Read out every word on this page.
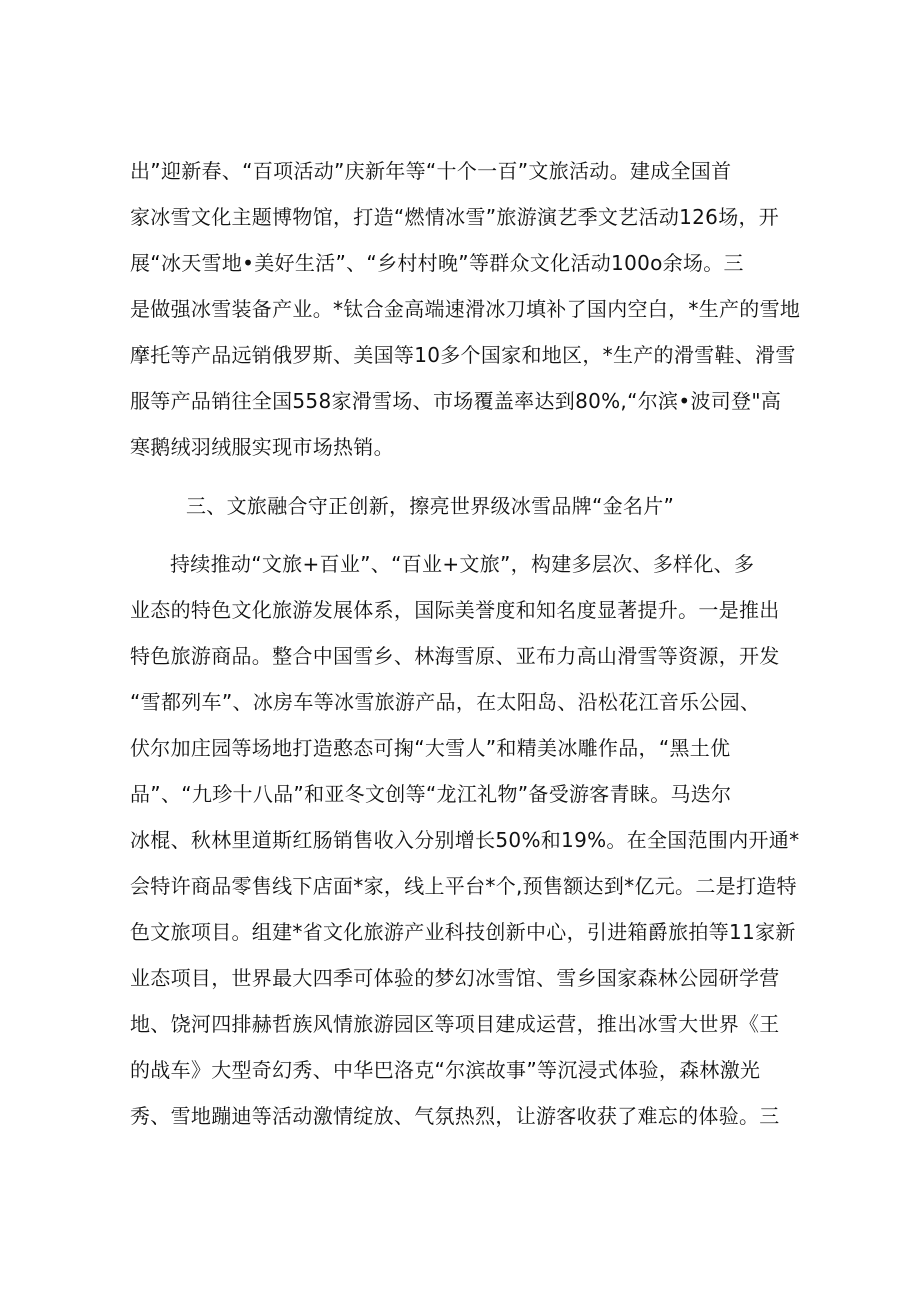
出”迎新春、“百项活动”庆新年等“十个一百”文旅活动。建成全国首
家冰雪文化主题博物馆，打造“燃情冰雪”旅游演艺季文艺活动126场，开
展“冰天雪地•美好生活”、“乡村村晚”等群众文化活动100o余场。三
是做强冰雪装备产业。*钛合金高端速滑冰刀填补了国内空白，*生产的雪地
摩托等产品远销俄罗斯、美国等10多个国家和地区，*生产的滑雪鞋、滑雪
服等产品销往全国558家滑雪场、市场覆盖率达到80%,“尔滨•波司登"高
寒鹅绒羽绒服实现市场热销。
三、文旅融合守正创新，擦亮世界级冰雪品牌“金名片”
持续推动“文旅+百业”、“百业+文旅”，构建多层次、多样化、多
业态的特色文化旅游发展体系，国际美誉度和知名度显著提升。一是推出
特色旅游商品。整合中国雪乡、林海雪原、亚布力高山滑雪等资源，开发
“雪都列车”、冰房车等冰雪旅游产品，在太阳岛、沿松花江音乐公园、
伏尔加庄园等场地打造憨态可掬“大雪人”和精美冰雕作品，“黑土优
品”、“九珍十八品”和亚冬文创等“龙江礼物”备受游客青睐。马迭尔
冰棍、秋林里道斯红肠销售收入分别增长50%和19%。在全国范围内开通*
会特许商品零售线下店面*家，线上平台*个,预售额达到*亿元。二是打造特
色文旅项目。组建*省文化旅游产业科技创新中心，引进箱爵旅拍等11家新
业态项目，世界最大四季可体验的梦幻冰雪馆、雪乡国家森林公园研学营
地、饶河四排赫哲族风情旅游园区等项目建成运营，推出冰雪大世界《王
的战车》大型奇幻秀、中华巴洛克“尔滨故事”等沉浸式体验，森林激光
秀、雪地蹦迪等活动激情绽放、气氛热烈，让游客收获了难忘的体验。三
